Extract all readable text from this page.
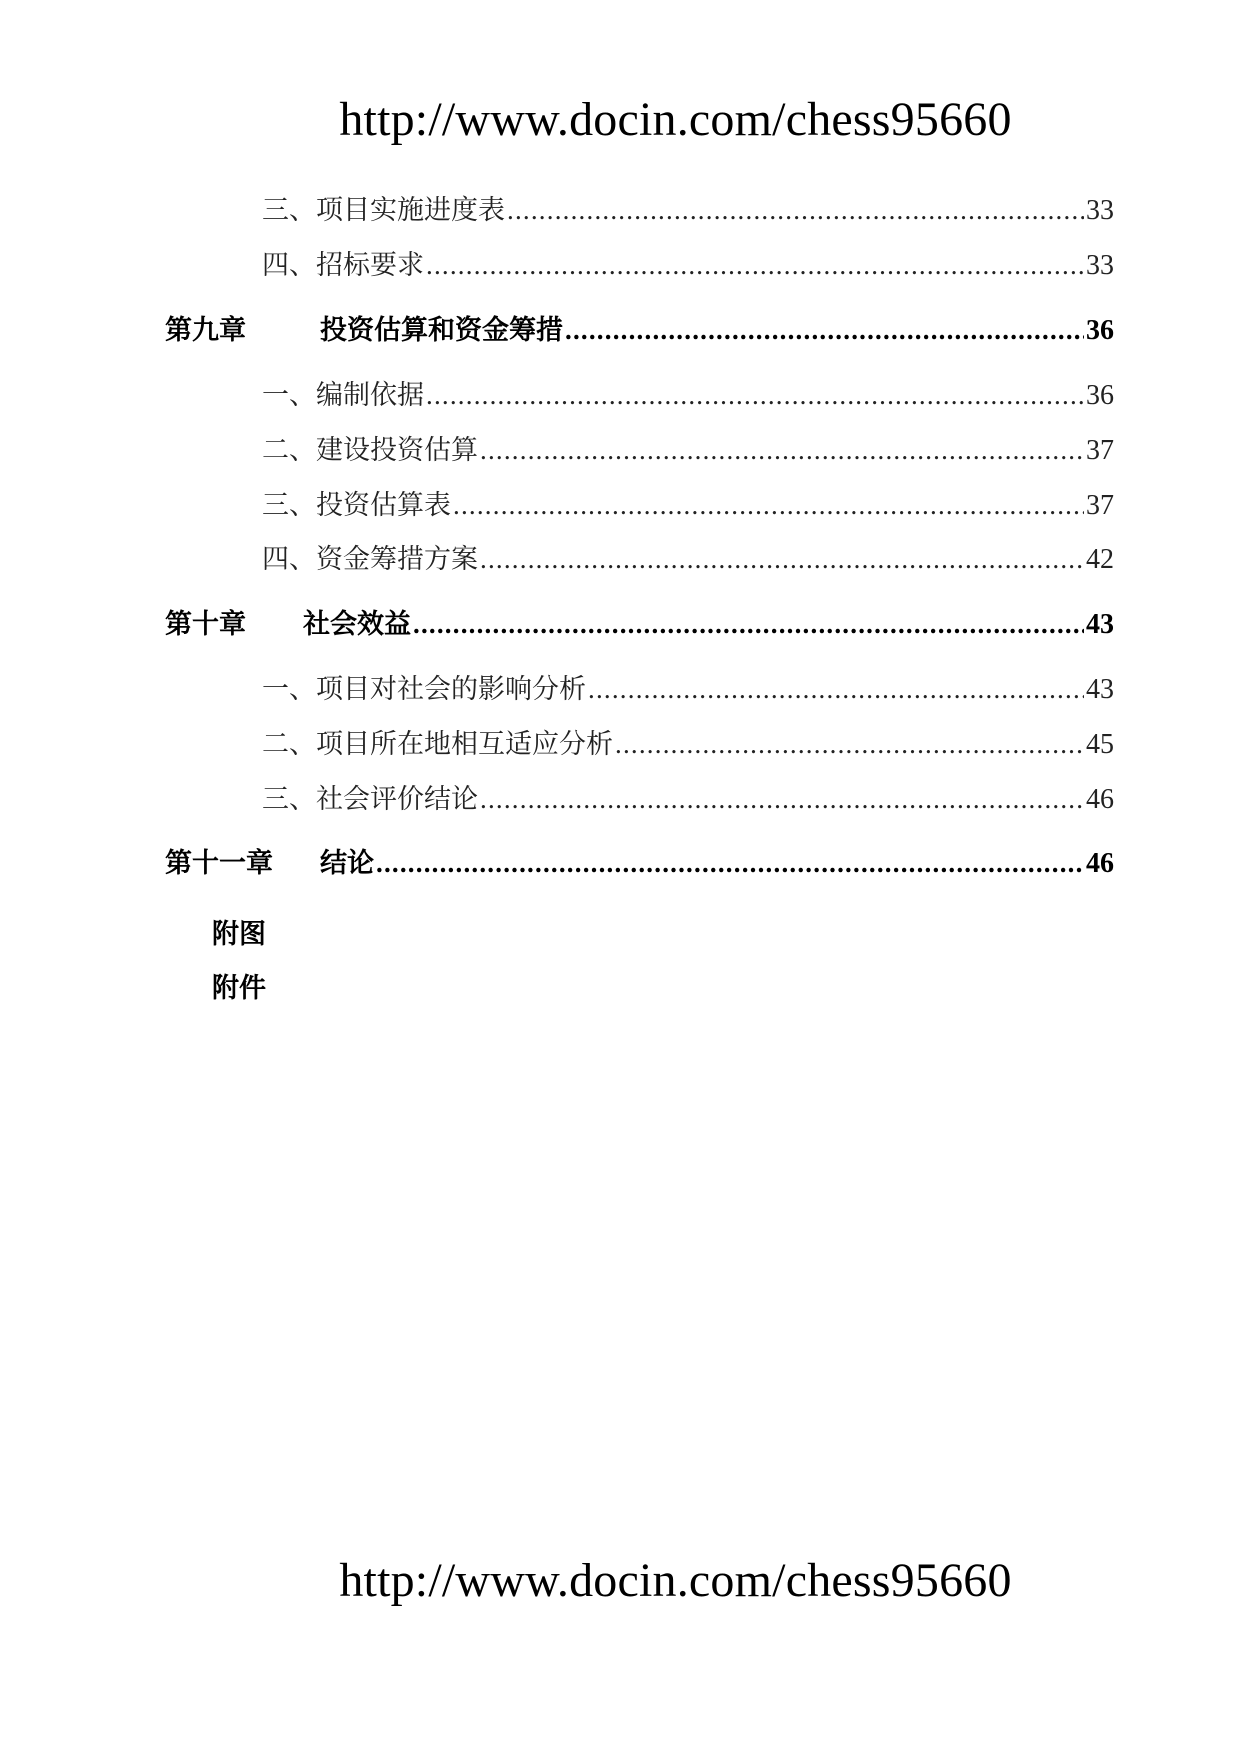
http://www.docin.com/chess95660
三、项目实施进度表 .....	33
四、招标要求 .....	33
第九章	投资估算和资金筹措 .....	36
一、编制依据 .....	36
二、建设投资估算 .....	37
三、投资估算表 .....	37
四、资金筹措方案 .....	42
第十章	社会效益 .....	43
一、项目对社会的影响分析 .....	43
二、项目所在地相互适应分析 .....	45
三、社会评价结论 .....	46
第十一章	结论 .....	46
附图
附件
http://www.docin.com/chess95660
